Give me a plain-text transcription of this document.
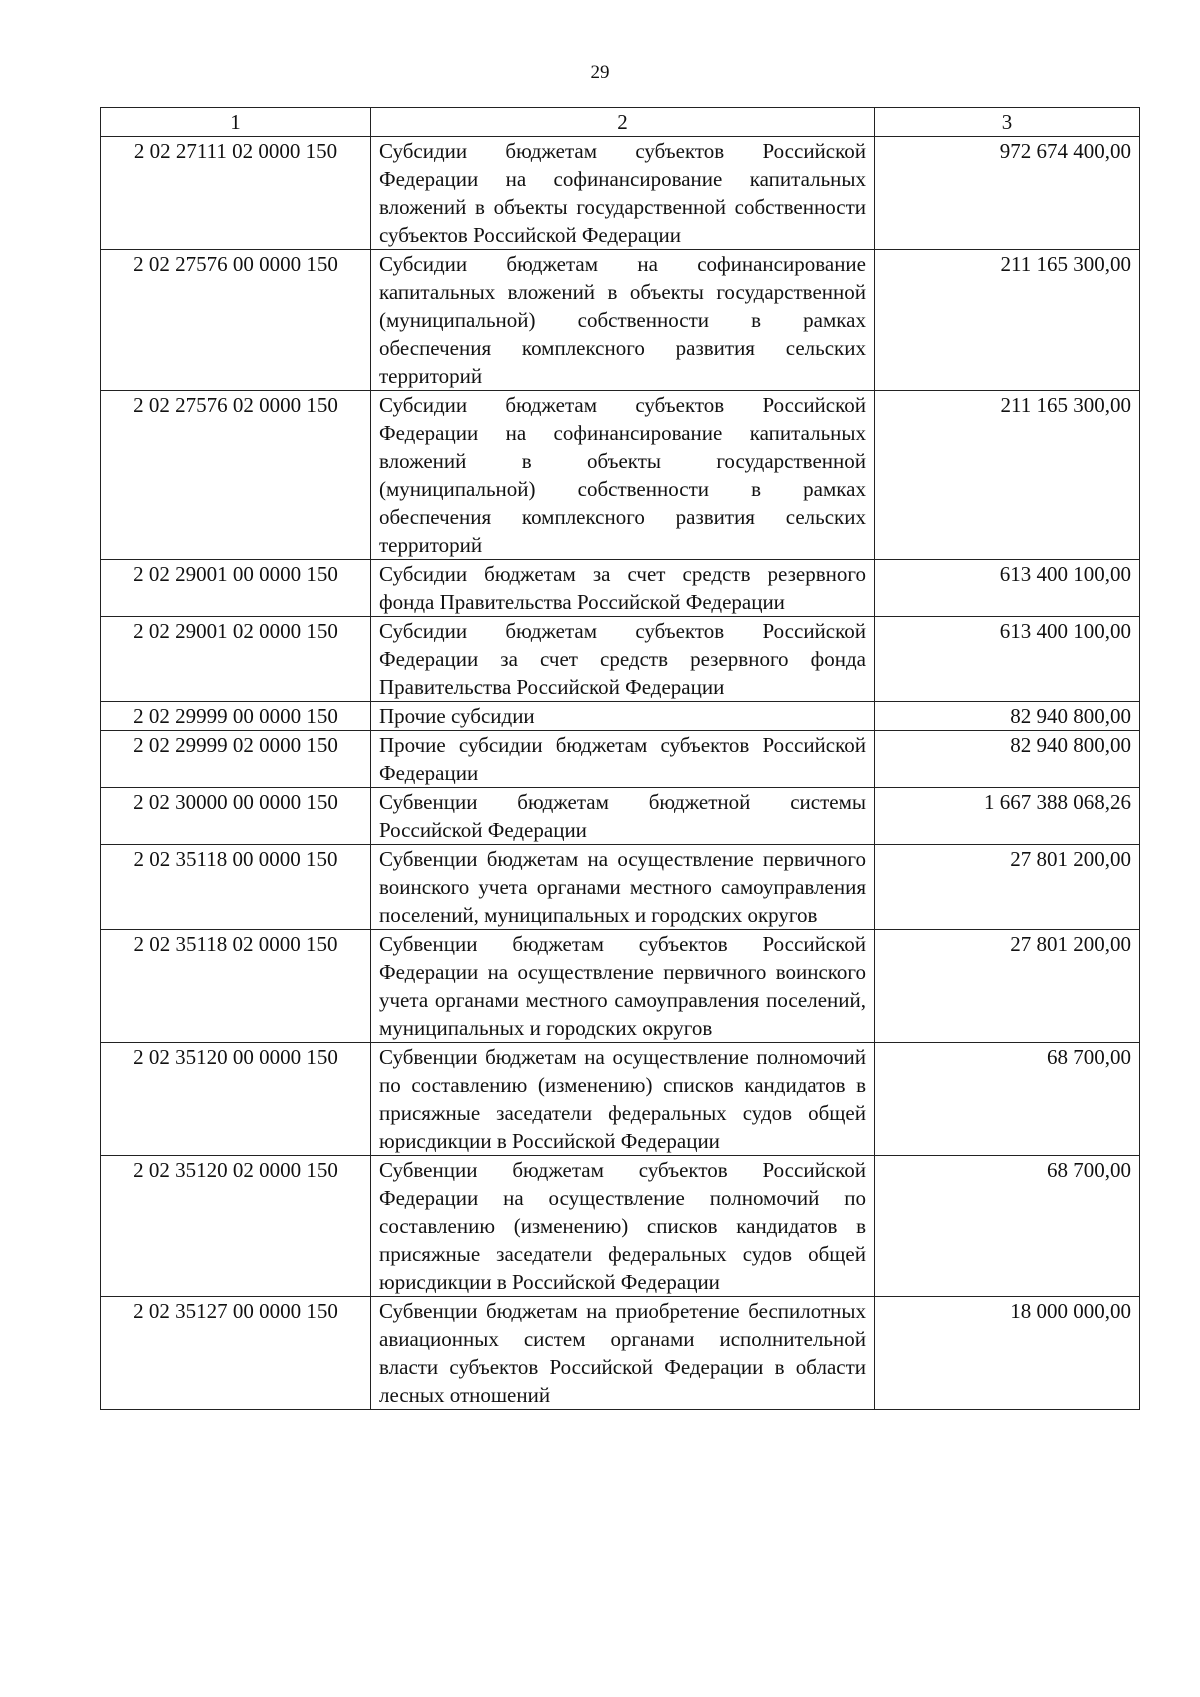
29
1	2	3
2 02 27111 02 0000 150	Субсидии бюджетам субъектов Российской Федерации на софинансирование капитальных вложений в объекты государственной собственности субъектов Российской Федерации	972 674 400,00
2 02 27576 00 0000 150	Субсидии бюджетам на софинансирование капитальных вложений в объекты государственной (муниципальной) собственности в рамках обеспечения комплексного развития сельских территорий	211 165 300,00
2 02 27576 02 0000 150	Субсидии бюджетам субъектов Российской Федерации на софинансирование капитальных вложений в объекты государственной (муниципальной) собственности в рамках обеспечения комплексного развития сельских территорий	211 165 300,00
2 02 29001 00 0000 150	Субсидии бюджетам за счет средств резервного фонда Правительства Российской Федерации	613 400 100,00
2 02 29001 02 0000 150	Субсидии бюджетам субъектов Российской Федерации за счет средств резервного фонда Правительства Российской Федерации	613 400 100,00
2 02 29999 00 0000 150	Прочие субсидии	82 940 800,00
2 02 29999 02 0000 150	Прочие субсидии бюджетам субъектов Российской Федерации	82 940 800,00
2 02 30000 00 0000 150	Субвенции бюджетам бюджетной системы Российской Федерации	1 667 388 068,26
2 02 35118 00 0000 150	Субвенции бюджетам на осуществление первичного воинского учета органами местного самоуправления поселений, муниципальных и городских округов	27 801 200,00
2 02 35118 02 0000 150	Субвенции бюджетам субъектов Российской Федерации на осуществление первичного воинского учета органами местного самоуправления поселений, муниципальных и городских округов	27 801 200,00
2 02 35120 00 0000 150	Субвенции бюджетам на осуществление полномочий по составлению (изменению) списков кандидатов в присяжные заседатели федеральных судов общей юрисдикции в Российской Федерации	68 700,00
2 02 35120 02 0000 150	Субвенции бюджетам субъектов Российской Федерации на осуществление полномочий по составлению (изменению) списков кандидатов в присяжные заседатели федеральных судов общей юрисдикции в Российской Федерации	68 700,00
2 02 35127 00 0000 150	Субвенции бюджетам на приобретение беспилотных авиационных систем органами исполнительной власти субъектов Российской Федерации в области лесных отношений	18 000 000,00
